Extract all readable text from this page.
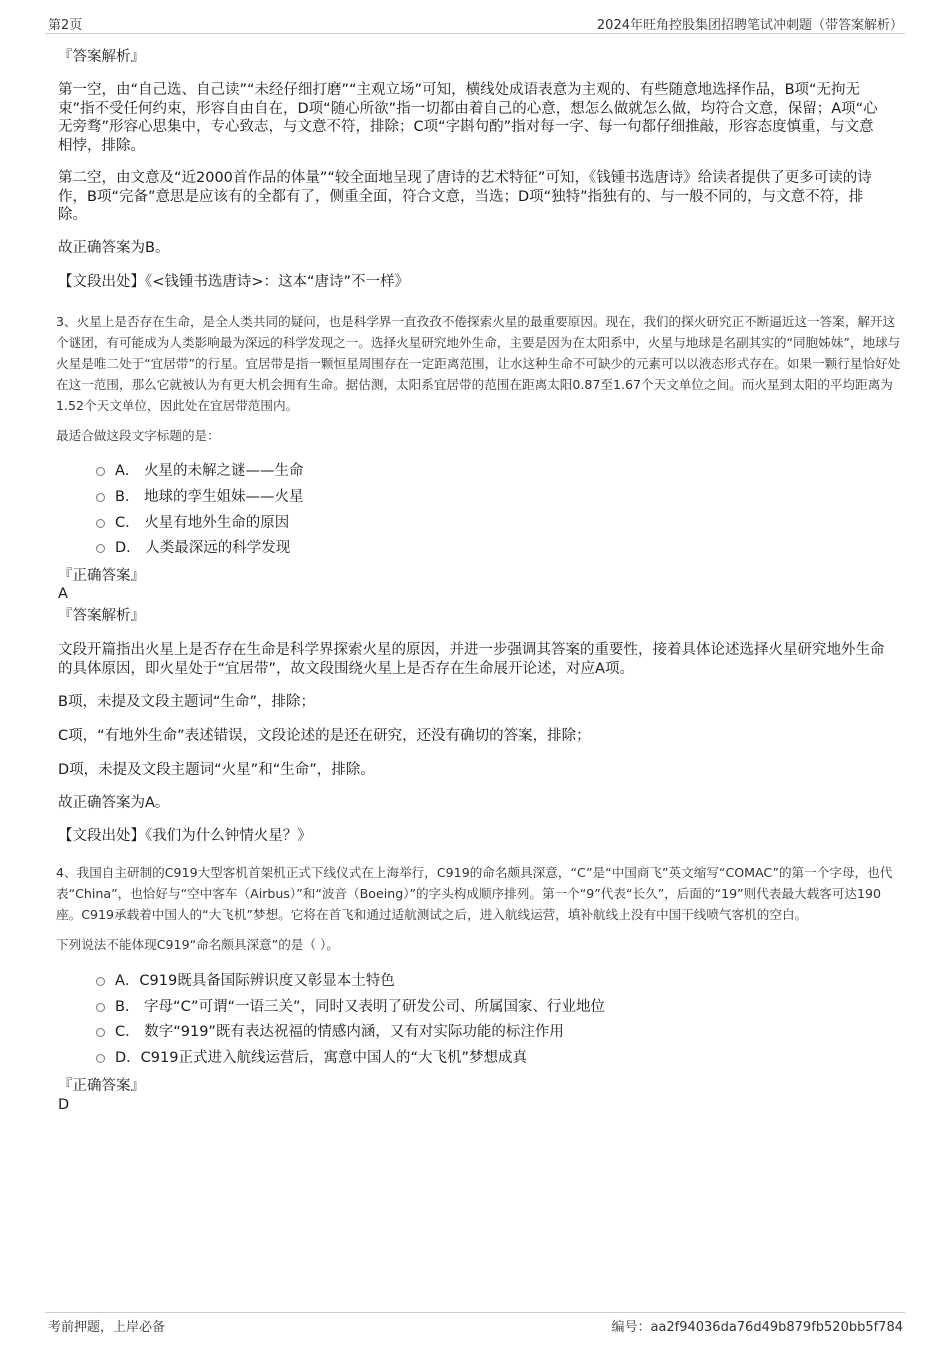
第2页	2024年旺角控股集团招聘笔试冲刺题（带答案解析）
『答案解析』
第一空，由“自己选、自己读”“未经仔细打磨”“主观立场”可知，横线处成语表意为主观的、有些随意地选择作品，B项“无拘无束”指不受任何约束，形容自由自在，D项“随心所欲”指一切都由着自己的心意，想怎么做就怎么做，均符合文意，保留；A项“心无旁骛”形容心思集中，专心致志，与文意不符，排除；C项“字斟句酌”指对每一字、每一句都仔细推敲，形容态度慎重，与文意相悖，排除。
第二空，由文意及“近2000首作品的体量”“较全面地呈现了唐诗的艺术特征”可知，《钱锺书选唐诗》给读者提供了更多可读的诗作，B项“完备”意思是应该有的全都有了，侧重全面，符合文意，当选；D项“独特”指独有的、与一般不同的，与文意不符，排除。
故正确答案为B。
【文段出处】《<钱锺书选唐诗>：这本“唐诗”不一样》
3、火星上是否存在生命，是全人类共同的疑问，也是科学界一直孜孜不倦探索火星的最重要原因。现在，我们的探火研究正不断逼近这一答案，解开这个谜团，有可能成为人类影响最为深远的科学发现之一。选择火星研究地外生命，主要是因为在太阳系中，火星与地球是名副其实的“同胞姊妹”，地球与火星是唯二处于“宜居带”的行星。宜居带是指一颗恒星周围存在一定距离范围，让水这种生命不可缺少的元素可以以液态形式存在。如果一颗行星恰好处在这一范围，那么它就被认为有更大机会拥有生命。据估测，太阳系宜居带的范围在距离太阳0.87至1.67个天文单位之间。而火星到太阳的平均距离为1.52个天文单位，因此处在宜居带范围内。
最适合做这段文字标题的是：
A． 火星的未解之谜——生命
B． 地球的孪生姐妹——火星
C． 火星有地外生命的原因
D． 人类最深远的科学发现
『正确答案』
A
『答案解析』
文段开篇指出火星上是否存在生命是科学界探索火星的原因，并进一步强调其答案的重要性，接着具体论述选择火星研究地外生命的具体原因，即火星处于“宜居带”，故文段围绕火星上是否存在生命展开论述，对应A项。
B项，未提及文段主题词“生命”，排除；
C项，“有地外生命”表述错误，文段论述的是还在研究，还没有确切的答案，排除；
D项，未提及文段主题词“火星”和“生命”，排除。
故正确答案为A。
【文段出处】《我们为什么钟情火星？》
4、我国自主研制的C919大型客机首架机正式下线仪式在上海举行，C919的命名颇具深意，“C”是“中国商飞”英文缩写“COMAC”的第一个字母，也代表“China”，也恰好与“空中客车（Airbus）”和“波音（Boeing）”的字头构成顺序排列。第一个“9”代表“长久”，后面的“19”则代表最大载客可达190座。C919承载着中国人的“大飞机”梦想。它将在首飞和通过适航测试之后，进入航线运营，填补航线上没有中国干线喷气客机的空白。
下列说法不能体现C919“命名颇具深意”的是（ ）。
A．C919既具备国际辨识度又彰显本土特色
B． 字母“C”可谓“一语三关”，同时又表明了研发公司、所属国家、行业地位
C． 数字“919”既有表达祝福的情感内涵，又有对实际功能的标注作用
D．C919正式进入航线运营后，寓意中国人的“大飞机”梦想成真
『正确答案』
D
考前押题，上岸必备	编号：aa2f94036da76d49b879fb520bb5f784
